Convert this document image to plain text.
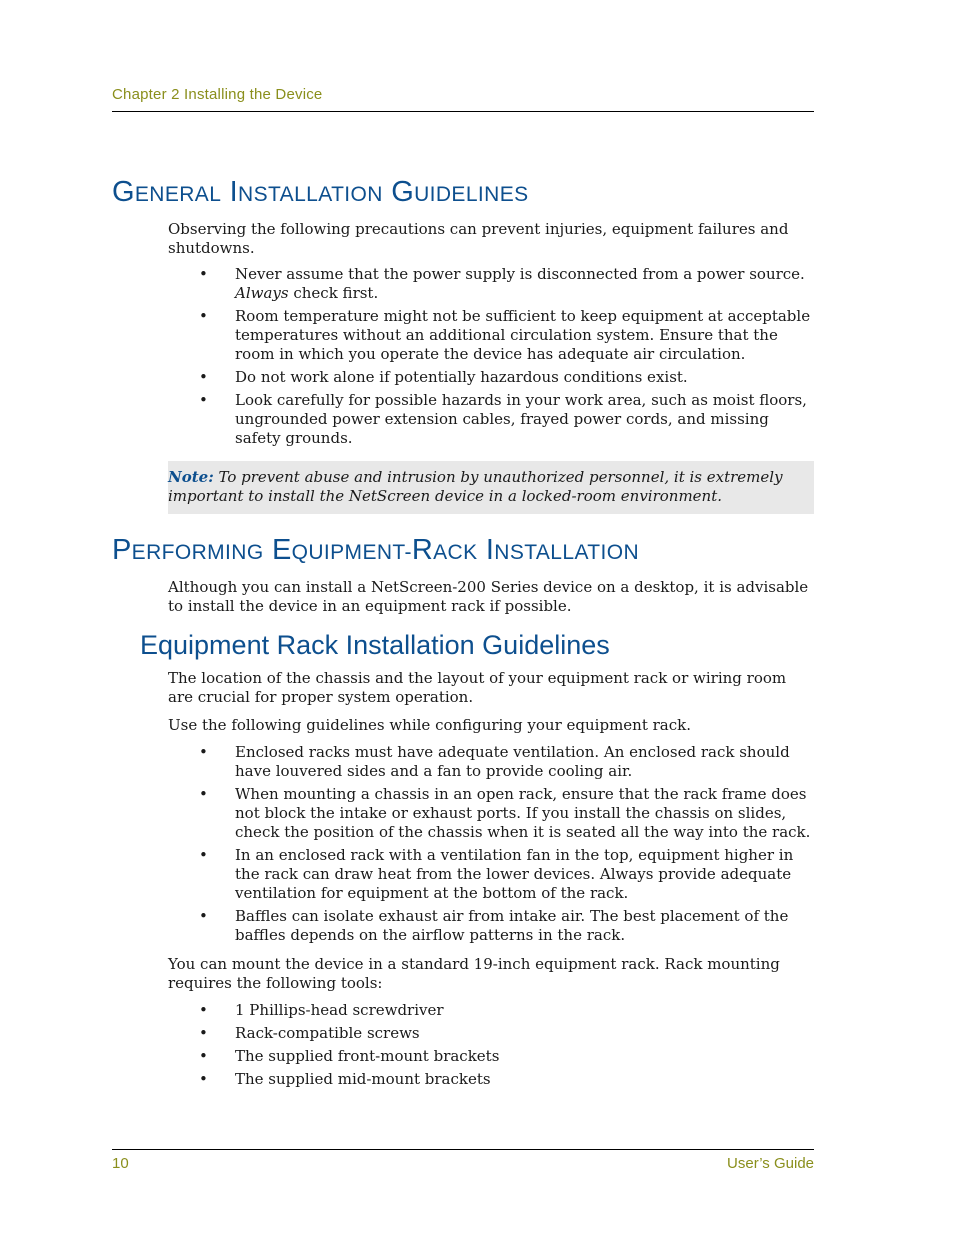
Chapter 2 Installing the Device
GENERAL INSTALLATION GUIDELINES

Observing the following precautions can prevent injuries, equipment failures and shutdowns.

• Never assume that the power supply is disconnected from a power source. Always check first.
• Room temperature might not be sufficient to keep equipment at acceptable temperatures without an additional circulation system. Ensure that the room in which you operate the device has adequate air circulation.
• Do not work alone if potentially hazardous conditions exist.
• Look carefully for possible hazards in your work area, such as moist floors, ungrounded power extension cables, frayed power cords, and missing safety grounds.
Note: To prevent abuse and intrusion by unauthorized personnel, it is extremely important to install the NetScreen device in a locked-room environment.
PERFORMING EQUIPMENT-RACK INSTALLATION

Although you can install a NetScreen-200 Series device on a desktop, it is advisable to install the device in an equipment rack if possible.

Equipment Rack Installation Guidelines

The location of the chassis and the layout of your equipment rack or wiring room are crucial for proper system operation.

Use the following guidelines while configuring your equipment rack.

• Enclosed racks must have adequate ventilation. An enclosed rack should have louvered sides and a fan to provide cooling air.
• When mounting a chassis in an open rack, ensure that the rack frame does not block the intake or exhaust ports. If you install the chassis on slides, check the position of the chassis when it is seated all the way into the rack.
• In an enclosed rack with a ventilation fan in the top, equipment higher in the rack can draw heat from the lower devices. Always provide adequate ventilation for equipment at the bottom of the rack.
• Baffles can isolate exhaust air from intake air. The best placement of the baffles depends on the airflow patterns in the rack.

You can mount the device in a standard 19-inch equipment rack. Rack mounting requires the following tools:

• 1 Phillips-head screwdriver
• Rack-compatible screws
• The supplied front-mount brackets
• The supplied mid-mount brackets
10	User’s Guide
